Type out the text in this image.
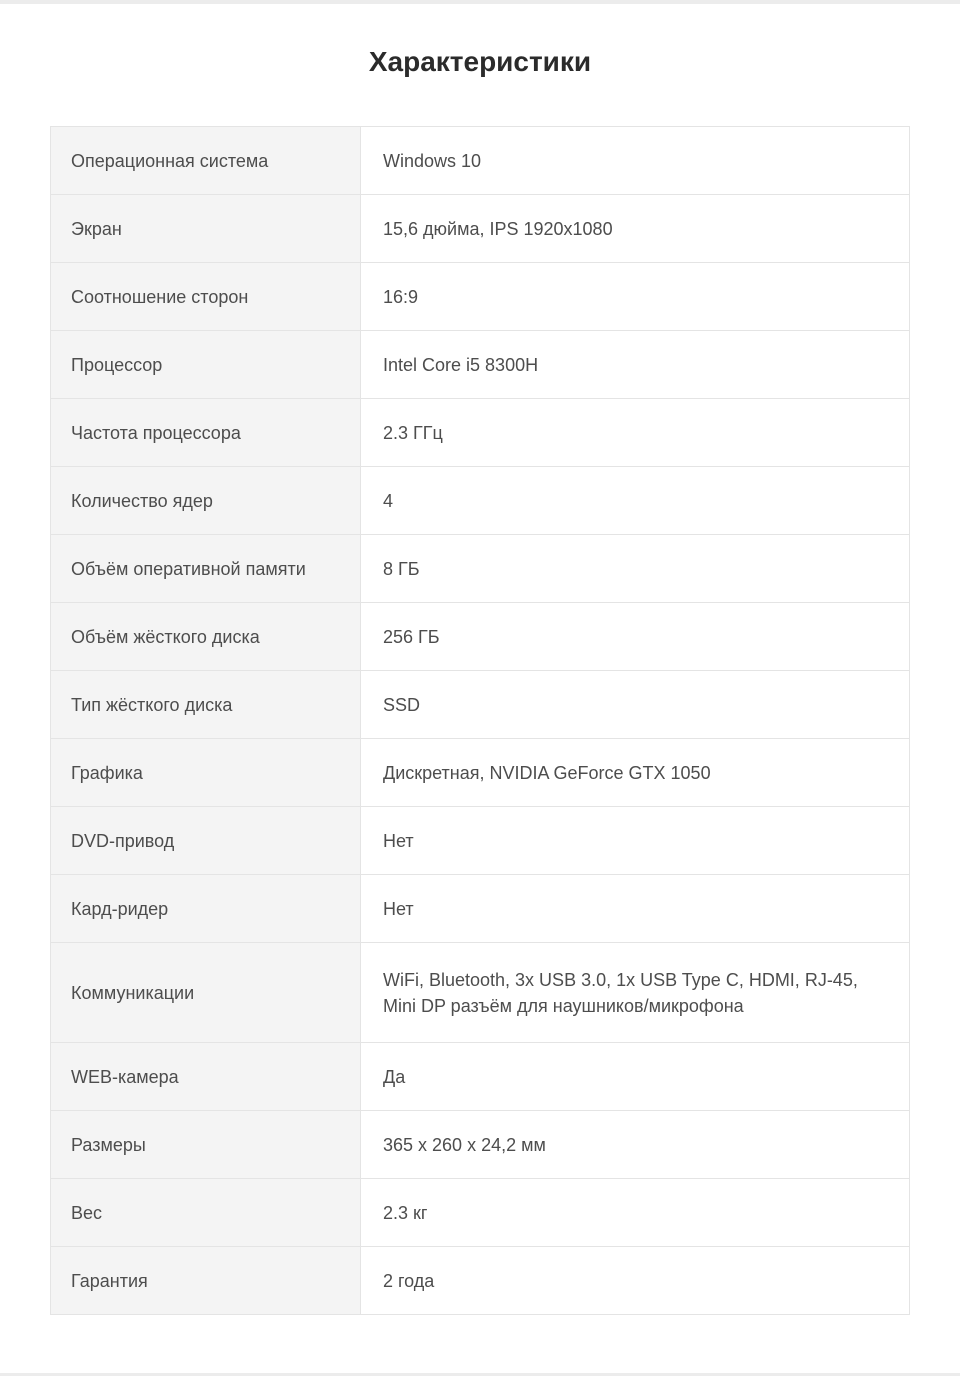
Характеристики
Операционная система	Windows 10
Экран	15,6 дюйма, IPS 1920x1080
Соотношение сторон	16:9
Процессор	Intel Core i5 8300H
Частота процессора	2.3 ГГц
Количество ядер	4
Объём оперативной памяти	8 ГБ
Объём жёсткого диска	256 ГБ
Тип жёсткого диска	SSD
Графика	Дискретная, NVIDIA GeForce GTX 1050
DVD-привод	Нет
Кард-ридер	Нет
Коммуникации	WiFi, Bluetooth, 3x USB 3.0, 1x USB Type C, HDMI, RJ-45, Mini DP разъём для наушников/микрофона
WEB-камера	Да
Размеры	365 x 260 x 24,2 мм
Вес	2.3 кг
Гарантия	2 года
